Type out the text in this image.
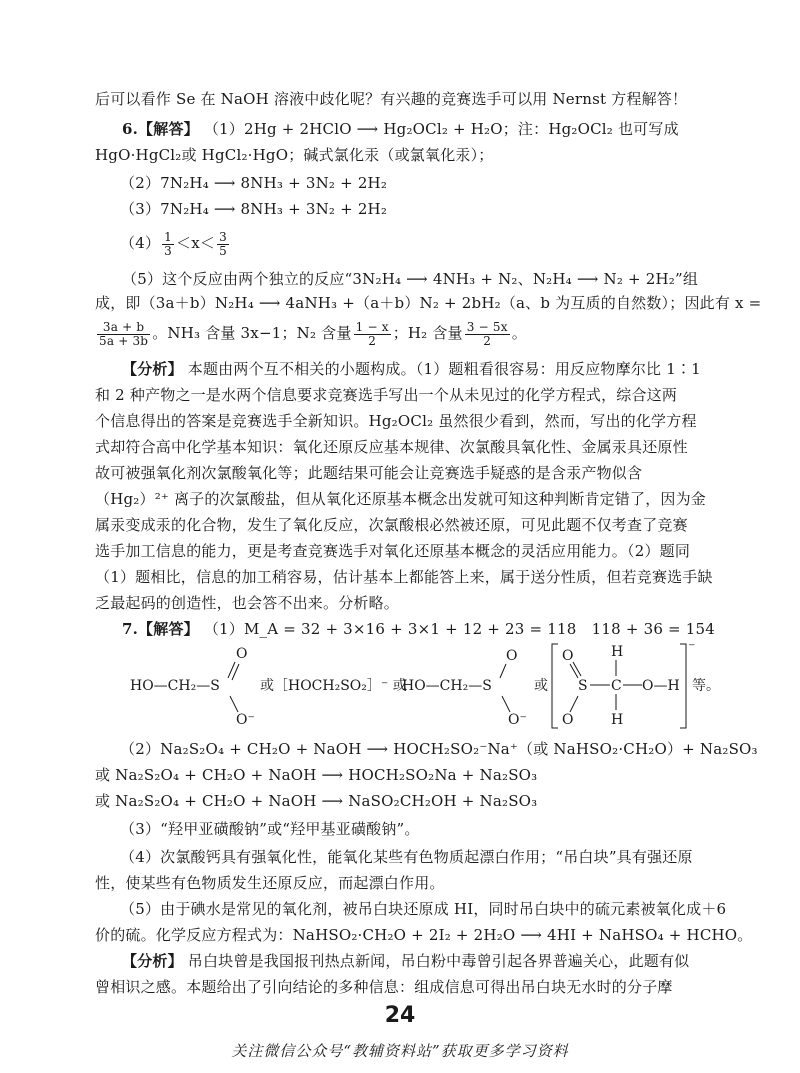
后可以看作 Se 在 NaOH 溶液中歧化呢？有兴趣的竞赛选手可以用 Nernst 方程解答！
6.【解答】 （1）2Hg + 2HClO ⟶ Hg₂OCl₂ + H₂O；注：Hg₂OCl₂ 也可写成
HgO·HgCl₂或 HgCl₂·HgO；碱式氯化汞（或氯氧化汞）；
（2）7N₂H₄ ⟶ 8NH₃ + 3N₂ + 2H₂
（3）7N₂H₄ ⟶ 8NH₃ + 3N₂ + 2H₂
$(4) \frac{1}{3} <x< \frac{3}{5}$
（5）这个反应由两个独立的反应“3N₂H₄ ⟶ 4NH₃ + N₂、N₂H₄ ⟶ N₂ + 2H₂”组
成，即（3a＋b）N₂H₄ ⟶ 4aNH₃ +（a＋b）N₂ + 2bH₂（a、b 为互质的自然数）；因此有 x =
$\frac{3a + b}{5a + 3b}$ 。NH₃ 含量 3x−1；N₂ 含量 $\frac{1 - x}{2}$ ；H₂ 含量 $\frac{3 - 5x}{2}$ 。
【分析】 本题由两个互不相关的小题构成。（1）题粗看很容易：用反应物摩尔比 1∶1
和 2 种产物之一是水两个信息要求竞赛选手写出一个从未见过的化学方程式，综合这两
个信息得出的答案是竞赛选手全新知识。Hg₂OCl₂ 虽然很少看到，然而，写出的化学方程
式却符合高中化学基本知识：氧化还原反应基本规律、次氯酸具氧化性、金属汞具还原性
故可被强氧化剂次氯酸氧化等；此题结果可能会让竞赛选手疑惑的是含汞产物似含
（Hg₂）²⁺ 离子的次氯酸盐，但从氧化还原基本概念出发就可知这种判断肯定错了，因为金
属汞变成汞的化合物，发生了氧化反应，次氯酸根必然被还原，可见此题不仅考查了竞赛
选手加工信息的能力，更是考查竞赛选手对氧化还原基本概念的灵活应用能力。（2）题同
（1）题相比，信息的加工稍容易，估计基本上都能答上来，属于送分性质，但若竞赛选手缺
乏最起码的创造性，也会答不出来。分析略。
7.【解答】 （1）M_A = 32 + 3×16 + 3×1 + 12 + 23 = 118　118 + 36 = 154
HO—CH₂—S
O
O⁻
或［HOCH₂SO₂］⁻ 或
HO—CH₂—S
O
O⁻
或
O
S
O
C
H
H
O—H
⁻
等。
（2）Na₂S₂O₄ + CH₂O + NaOH ⟶ HOCH₂SO₂⁻Na⁺（或 NaHSO₂·CH₂O）+ Na₂SO₃
或 Na₂S₂O₄ + CH₂O + NaOH ⟶ HOCH₂SO₂Na + Na₂SO₃
或 Na₂S₂O₄ + CH₂O + NaOH ⟶ NaSO₂CH₂OH + Na₂SO₃
（3）“羟甲亚磺酸钠”或“羟甲基亚磺酸钠”。
（4）次氯酸钙具有强氧化性，能氧化某些有色物质起漂白作用；“吊白块”具有强还原
性，使某些有色物质发生还原反应，而起漂白作用。
（5）由于碘水是常见的氧化剂，被吊白块还原成 HI，同时吊白块中的硫元素被氧化成＋6
价的硫。化学反应方程式为：NaHSO₂·CH₂O + 2I₂ + 2H₂O ⟶ 4HI + NaHSO₄ + HCHO。
【分析】 吊白块曾是我国报刊热点新闻，吊白粉中毒曾引起各界普遍关心，此题有似
曾相识之感。本题给出了引向结论的多种信息：组成信息可得出吊白块无水时的分子摩
24
关注微信公众号“教辅资料站”获取更多学习资料
